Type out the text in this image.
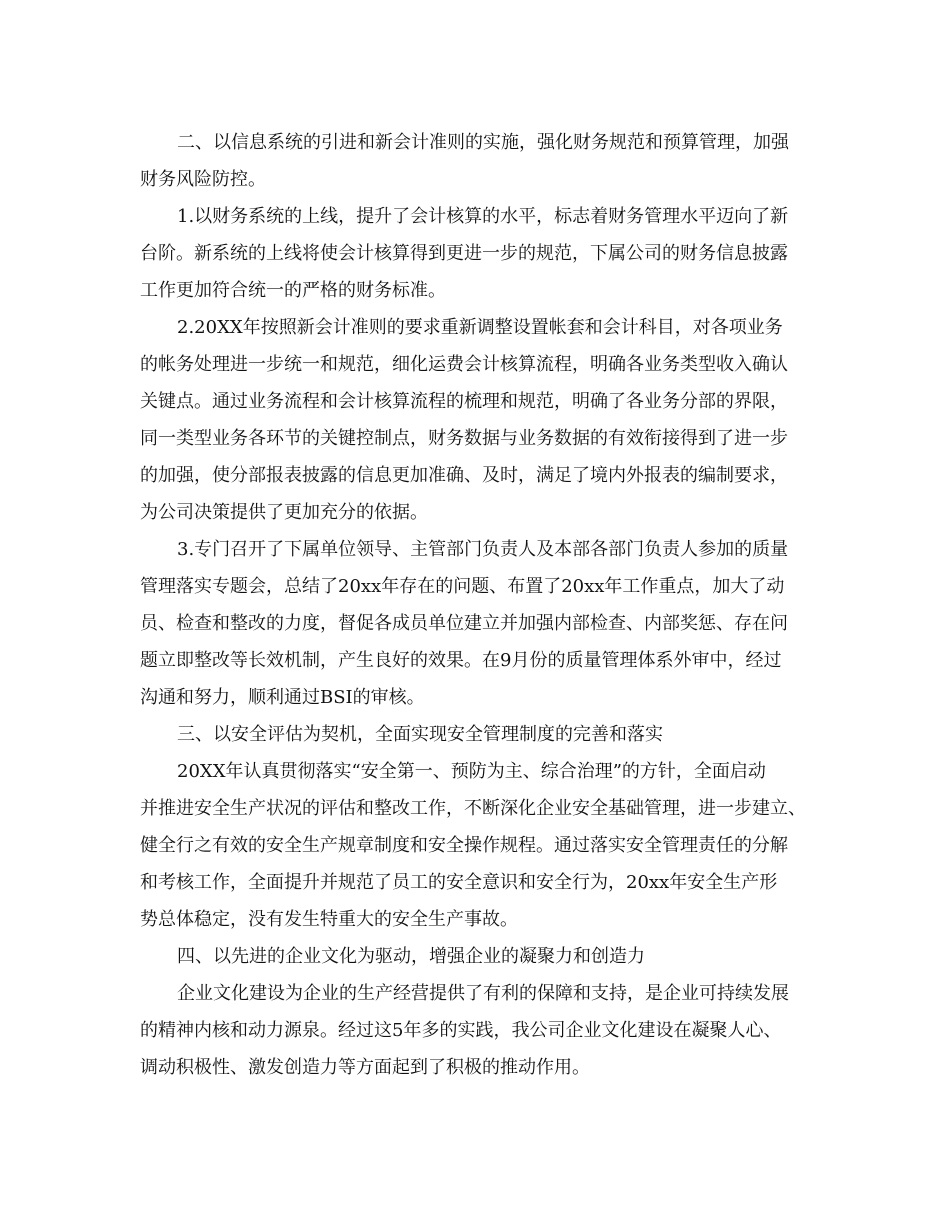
二、以信息系统的引进和新会计准则的实施，强化财务规范和预算管理，加强
财务风险防控。
1.以财务系统的上线，提升了会计核算的水平，标志着财务管理水平迈向了新
台阶。新系统的上线将使会计核算得到更进一步的规范，下属公司的财务信息披露
工作更加符合统一的严格的财务标准。
2.20XX年按照新会计准则的要求重新调整设置帐套和会计科目，对各项业务
的帐务处理进一步统一和规范，细化运费会计核算流程，明确各业务类型收入确认
关键点。通过业务流程和会计核算流程的梳理和规范，明确了各业务分部的界限，
同一类型业务各环节的关键控制点，财务数据与业务数据的有效衔接得到了进一步
的加强，使分部报表披露的信息更加准确、及时，满足了境内外报表的编制要求，
为公司决策提供了更加充分的依据。
3.专门召开了下属单位领导、主管部门负责人及本部各部门负责人参加的质量
管理落实专题会，总结了20xx年存在的问题、布置了20xx年工作重点，加大了动
员、检查和整改的力度，督促各成员单位建立并加强内部检查、内部奖惩、存在问
题立即整改等长效机制，产生良好的效果。在9月份的质量管理体系外审中，经过
沟通和努力，顺利通过BSI的审核。
三、以安全评估为契机，全面实现安全管理制度的完善和落实
20XX年认真贯彻落实“安全第一、预防为主、综合治理”的方针，全面启动
并推进安全生产状况的评估和整改工作，不断深化企业安全基础管理，进一步建立、
健全行之有效的安全生产规章制度和安全操作规程。通过落实安全管理责任的分解
和考核工作，全面提升并规范了员工的安全意识和安全行为，20xx年安全生产形
势总体稳定，没有发生特重大的安全生产事故。
四、以先进的企业文化为驱动，增强企业的凝聚力和创造力
企业文化建设为企业的生产经营提供了有利的保障和支持，是企业可持续发展
的精神内核和动力源泉。经过这5年多的实践，我公司企业文化建设在凝聚人心、
调动积极性、激发创造力等方面起到了积极的推动作用。
